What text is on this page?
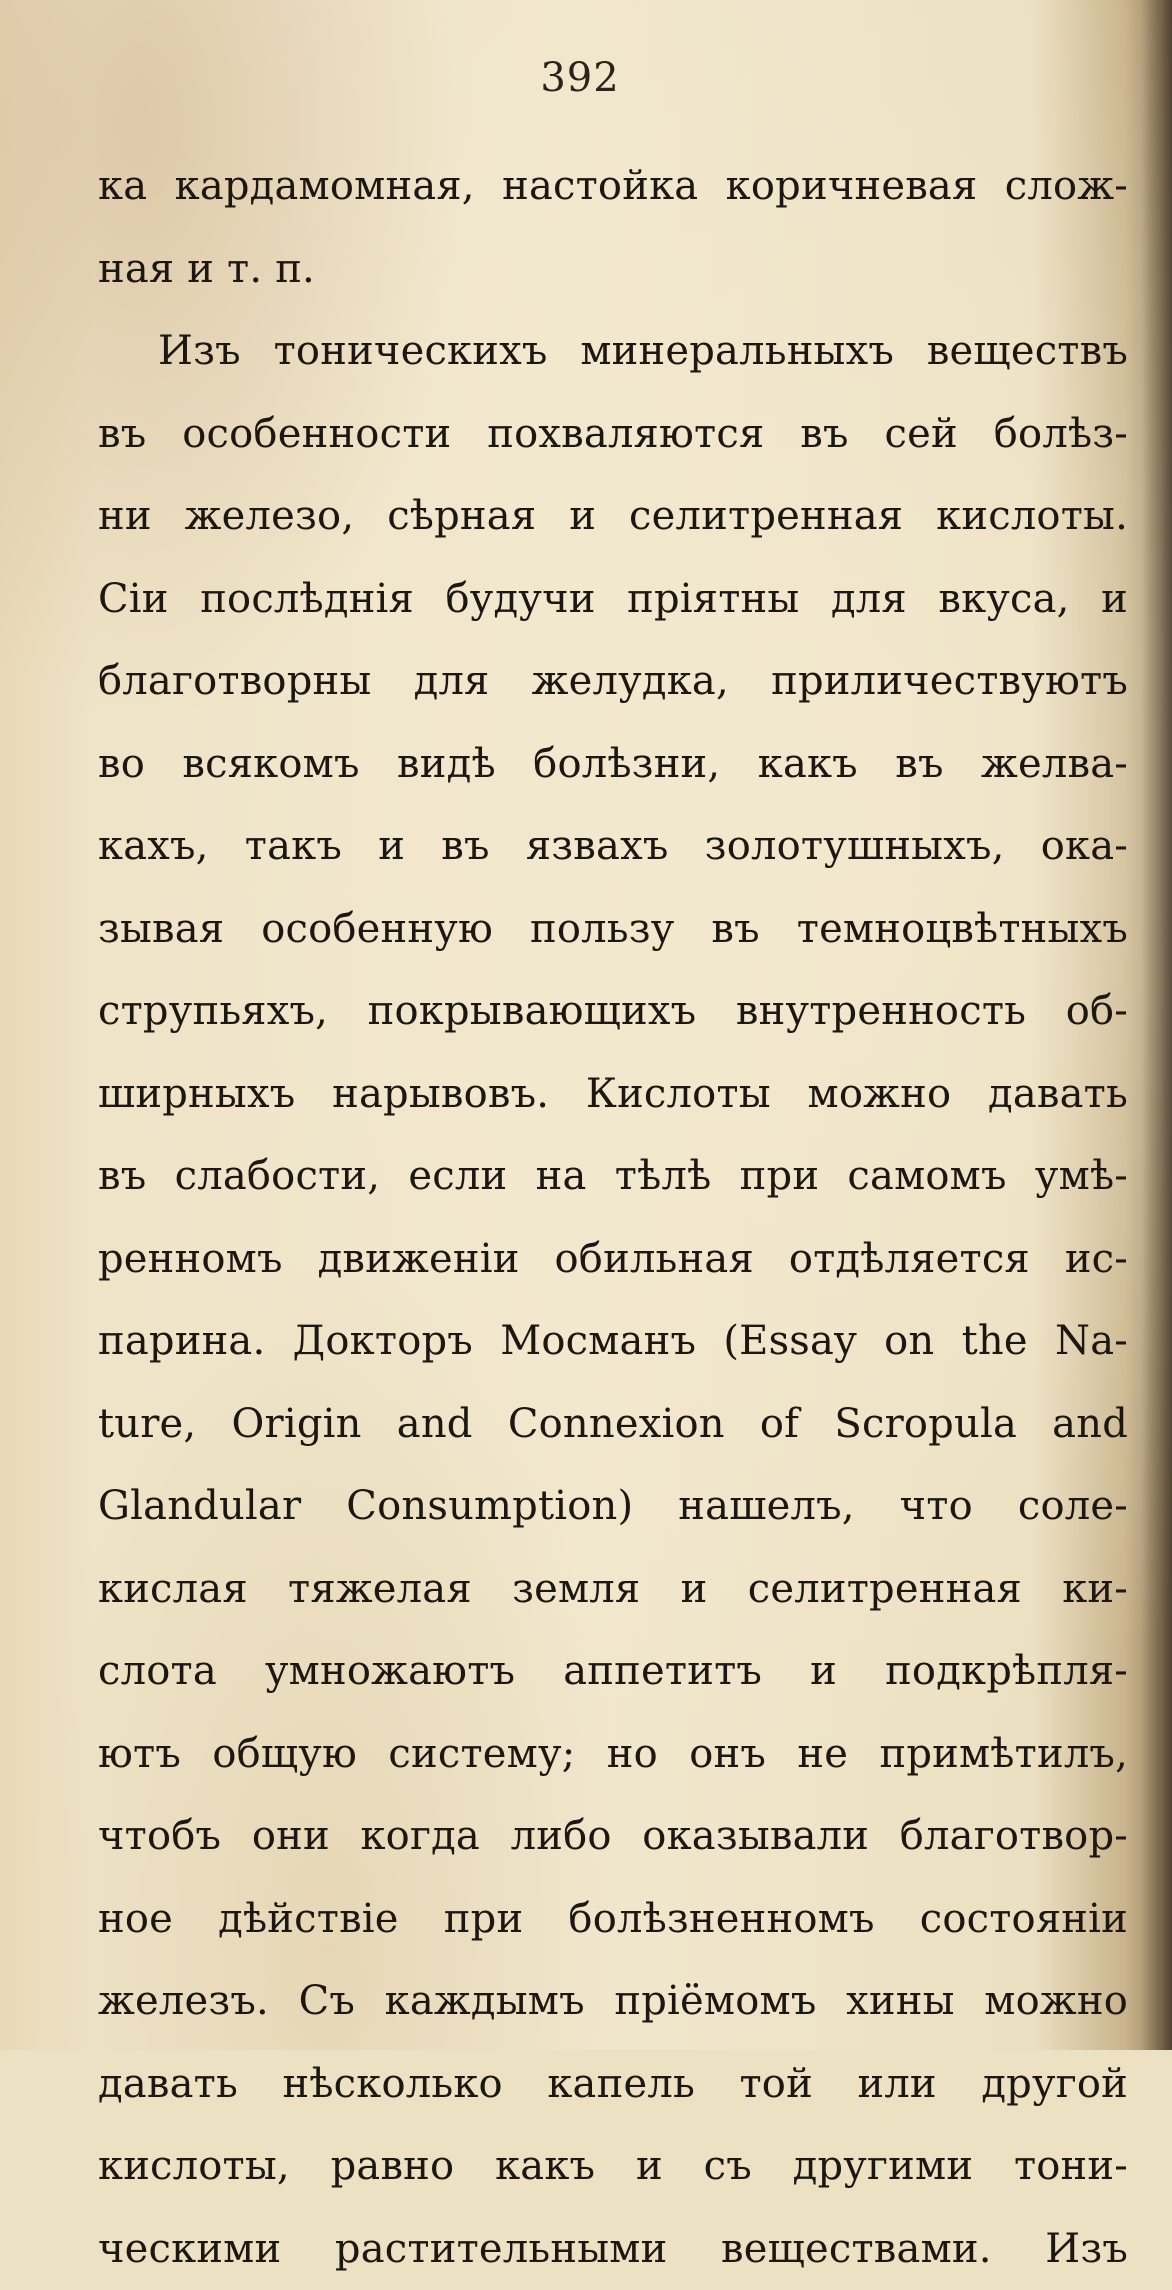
392
ка кардамомная, настойка коричневая слож-
ная и т. п.
Изъ тоническихъ минеральныхъ веществъ
въ особенности похваляются въ сей болѣз-
ни железо, сѣрная и селитренная кислоты.
Сіи послѣднія будучи пріятны для вкуса, и
благотворны для желудка, приличествуютъ
во всякомъ видѣ болѣзни, какъ въ желва-
кахъ, такъ и въ язвахъ золотушныхъ, ока-
зывая особенную пользу въ темноцвѣтныхъ
струпьяхъ, покрывающихъ внутренность об-
ширныхъ нарывовъ. Кислоты можно давать
въ слабости, если на тѣлѣ при самомъ умѣ-
ренномъ движеніи обильная отдѣляется ис-
парина. Докторъ Мосманъ (Essay on the Na-
ture, Origin and Connexion of Scropula and
Glandular Consumption) нашелъ, что соле-
кислая тяжелая земля и селитренная ки-
слота умножаютъ аппетитъ и подкрѣпля-
ютъ общую систему; но онъ не примѣтилъ,
чтобъ они когда либо оказывали благотвор-
ное дѣйствіе при болѣзненномъ состояніи
железъ. Съ каждымъ пріёмомъ хины можно
давать нѣсколько капель той или другой
кислоты, равно какъ и съ другими тони-
ческими растительными веществами. Изъ
